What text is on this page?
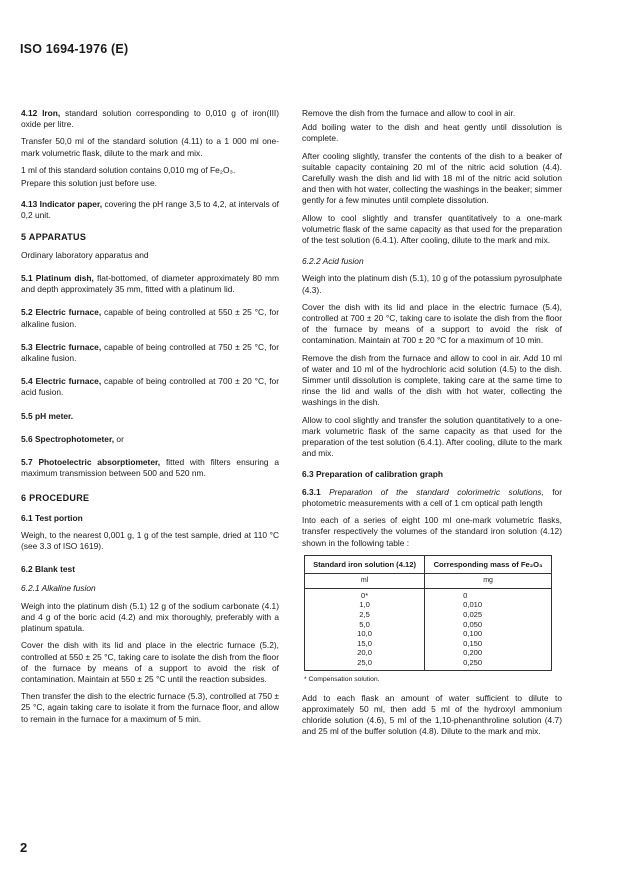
ISO 1694-1976 (E)

4.12 Iron, standard solution corresponding to 0,010 g of iron(III) oxide per litre.

Transfer 50,0 ml of the standard solution (4.11) to a 1 000 ml one-mark volumetric flask, dilute to the mark and mix.

1 ml of this standard solution contains 0,010 mg of Fe₂O₃.

Prepare this solution just before use.

4.13 Indicator paper, covering the pH range 3,5 to 4,2, at intervals of 0,2 unit.

5 APPARATUS

Ordinary laboratory apparatus and

5.1 Platinum dish, flat-bottomed, of diameter approximately 80 mm and depth approximately 35 mm, fitted with a platinum lid.

5.2 Electric furnace, capable of being controlled at 550 ± 25 °C, for alkaline fusion.

5.3 Electric furnace, capable of being controlled at 750 ± 25 °C, for alkaline fusion.

5.4 Electric furnace, capable of being controlled at 700 ± 20 °C, for acid fusion.

5.5 pH meter.

5.6 Spectrophotometer, or

5.7 Photoelectric absorptiometer, fitted with filters ensuring a maximum transmission between 500 and 520 nm.

6 PROCEDURE
6.1 Test portion

Weigh, to the nearest 0,001 g, 1 g of the test sample, dried at 110 °C (see 3.3 of ISO 1619).

6.2 Blank test
6.2.1 Alkaline fusion

Weigh into the platinum dish (5.1) 12 g of the sodium carbonate (4.1) and 4 g of the boric acid (4.2) and mix thoroughly, preferably with a platinum spatula.

Cover the dish with its lid and place in the electric furnace (5.2), controlled at 550 ± 25 °C, taking care to isolate the dish from the floor of the furnace by means of a support to avoid the risk of contamination. Maintain at 550 ± 25 °C until the reaction subsides.

Then transfer the dish to the electric furnace (5.3), controlled at 750 ± 25 °C, again taking care to isolate it from the furnace floor, and allow to remain in the furnace for a maximum of 5 min.

Remove the dish from the furnace and allow to cool in air.

Add boiling water to the dish and heat gently until dissolution is complete.

After cooling slightly, transfer the contents of the dish to a beaker of suitable capacity containing 20 ml of the nitric acid solution (4.4). Carefully wash the dish and lid with 18 ml of the nitric acid solution and then with hot water, collecting the washings in the beaker; simmer gently for a few minutes until complete dissolution.

Allow to cool slightly and transfer quantitatively to a one-mark volumetric flask of the same capacity as that used for the preparation of the test solution (6.4.1). After cooling, dilute to the mark and mix.

6.2.2 Acid fusion

Weigh into the platinum dish (5.1), 10 g of the potassium pyrosulphate (4.3).

Cover the dish with its lid and place in the electric furnace (5.4), controlled at 700 ± 20 °C, taking care to isolate the dish from the floor of the furnace by means of a support to avoid the risk of contamination. Maintain at 700 ± 20 °C for a maximum of 10 min.

Remove the dish from the furnace and allow to cool in air. Add 10 ml of water and 10 ml of the hydrochloric acid solution (4.5) to the dish. Simmer until dissolution is complete, taking care at the same time to rinse the lid and walls of the dish with hot water, collecting the washings in the dish.

Allow to cool slightly and transfer the solution quantitatively to a one-mark volumetric flask of the same capacity as that used for the preparation of the test solution (6.4.1). After cooling, dilute to the mark and mix.

6.3 Preparation of calibration graph

6.3.1 Preparation of the standard colorimetric solutions, for photometric measurements with a cell of 1 cm optical path length

Into each of a series of eight 100 ml one-mark volumetric flasks, transfer respectively the volumes of the standard iron solution (4.12) shown in the following table :

Standard iron solution (4.12)	Corresponding mass of Fe₂O₃
ml	mg
0*	0
1,0	0,010
2,5	0,025
5,0	0,050
10,0	0,100
15,0	0,150
20,0	0,200
25,0	0,250
* Compensation solution.

Add to each flask an amount of water sufficient to dilute to approximately 50 ml, then add 5 ml of the hydroxyl ammonium chloride solution (4.6), 5 ml of the 1,10-phenanthroline solution (4.7) and 25 ml of the buffer solution (4.8). Dilute to the mark and mix.

2
